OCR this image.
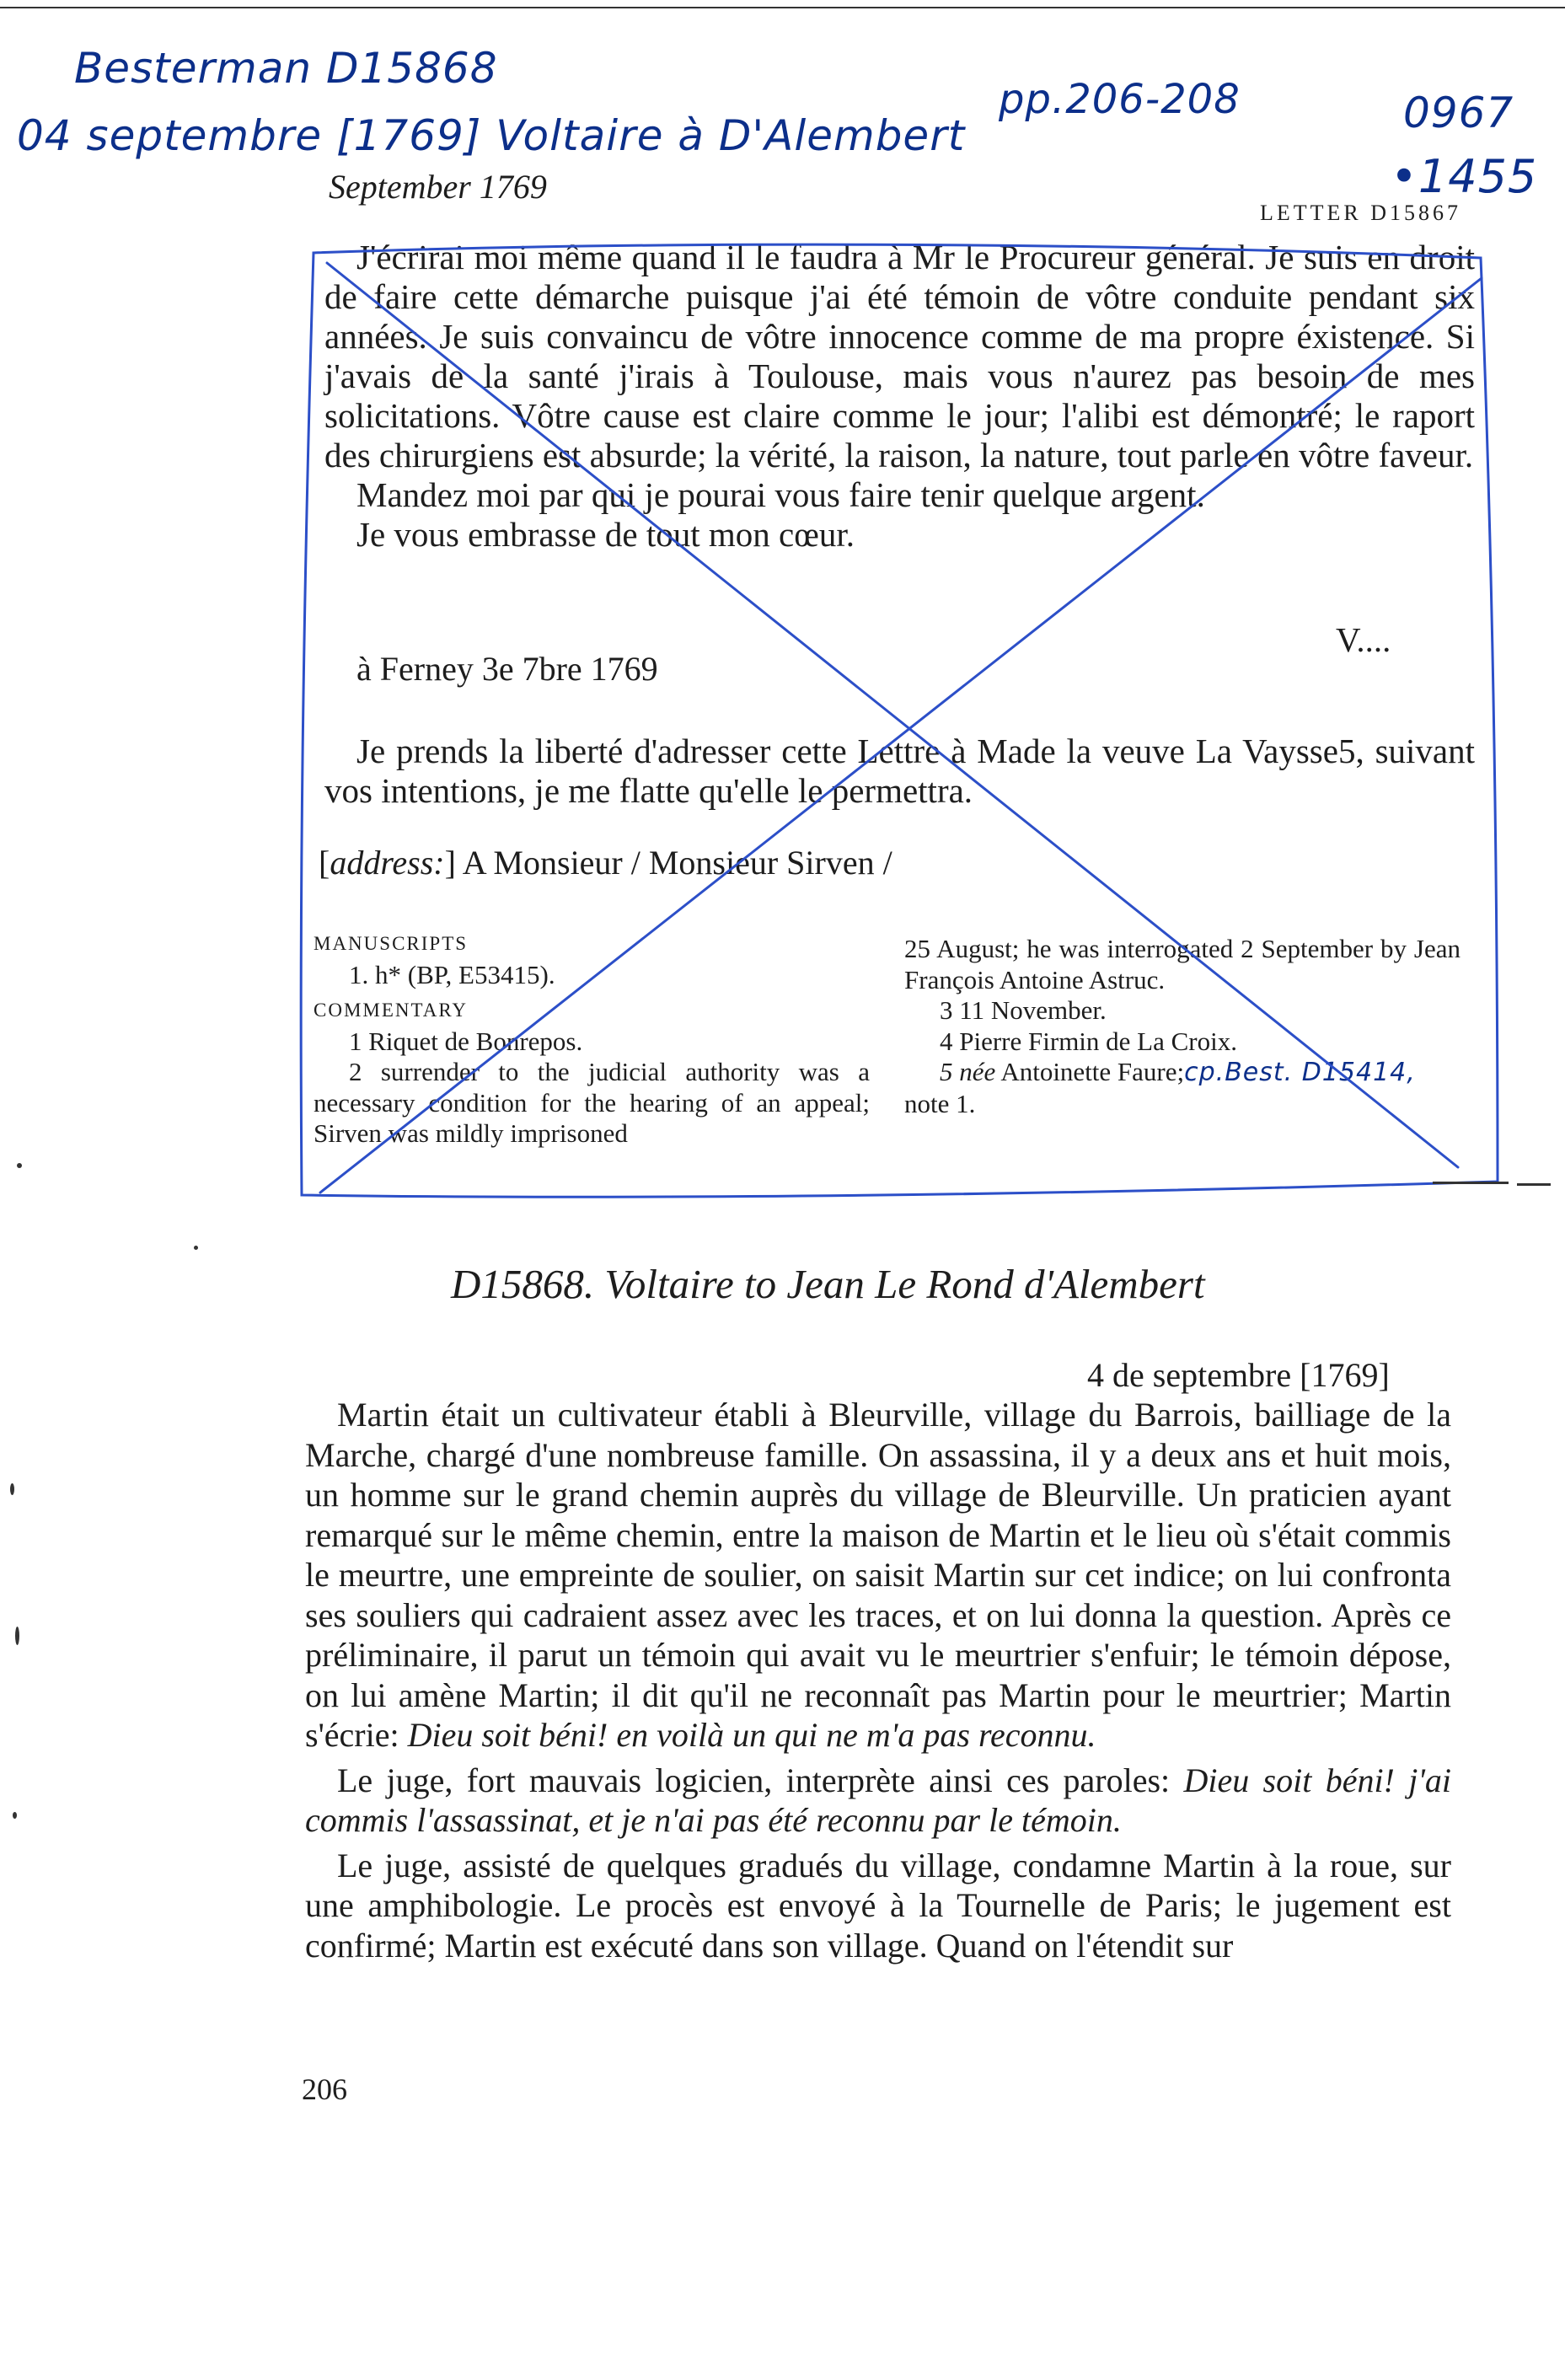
Besterman D15868
04 septembre [1769] Voltaire à D'Alembert
pp.206-208	0967
•1455
September 1769
LETTER D15867

J'écrirai moi même quand il le faudra à Mr le Procureur général. Je suis en droit de faire cette démarche puisque j'ai été témoin de vôtre conduite pendant six années. Je suis convaincu de vôtre innocence comme de ma propre éxistence. Si j'avais de la santé j'irais à Toulouse, mais vous n'aurez pas besoin de mes solicitations. Vôtre cause est claire comme le jour; l'alibi est démontré; le raport des chirurgiens est absurde; la vérité, la raison, la nature, tout parle en vôtre faveur.

Mandez moi par qui je pourai vous faire tenir quelque argent.

Je vous embrasse de tout mon cœur.

V....
à Ferney 3e 7bre 1769

Je prends la liberté d'adresser cette Lettre à Made la veuve La Vaysse5, suivant vos intentions, je me flatte qu'elle le permettra.

[address:] A Monsieur / Monsieur Sirven /

MANUSCRIPTS

1. h* (BP, E53415).

COMMENTARY

1 Riquet de Bonrepos.

2 surrender to the judicial authority was a necessary condition for the hearing of an appeal; Sirven was mildly imprisoned

25 August; he was interrogated 2 September by Jean François Antoine Astruc.

3 11 November.

4 Pierre Firmin de La Croix.

5 née Antoinette Faure;cp.Best. D15414,

note 1.

D15868. Voltaire to Jean Le Rond d'Alembert
4 de septembre [1769]

Martin était un cultivateur établi à Bleurville, village du Barrois, bailliage de la Marche, chargé d'une nombreuse famille. On assassina, il y a deux ans et huit mois, un homme sur le grand chemin auprès du village de Bleurville. Un praticien ayant remarqué sur le même chemin, entre la maison de Martin et le lieu où s'était commis le meurtre, une empreinte de soulier, on saisit Martin sur cet indice; on lui confronta ses souliers qui cadraient assez avec les traces, et on lui donna la question. Après ce préliminaire, il parut un témoin qui avait vu le meurtrier s'enfuir; le témoin dépose, on lui amène Martin; il dit qu'il ne reconnaît pas Martin pour le meurtrier; Martin s'écrie: Dieu soit béni! en voilà un qui ne m'a pas reconnu.

Le juge, fort mauvais logicien, interprète ainsi ces paroles: Dieu soit béni! j'ai commis l'assassinat, et je n'ai pas été reconnu par le témoin.

Le juge, assisté de quelques gradués du village, condamne Martin à la roue, sur une amphibologie. Le procès est envoyé à la Tournelle de Paris; le jugement est confirmé; Martin est exécuté dans son village. Quand on l'étendit sur

206
